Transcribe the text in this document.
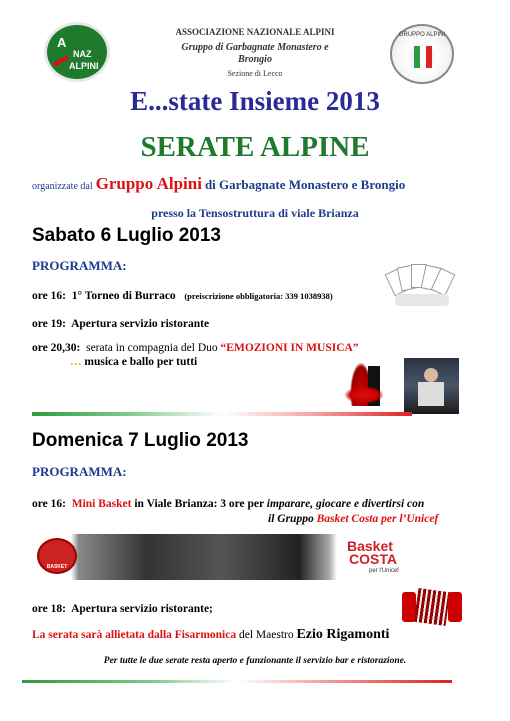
A
NAZ
ALPINI
GRUPPO ALPINI
ASSOCIAZIONE NAZIONALE ALPINI
Gruppo di Garbagnate Monastero e
Brongio
Sezione di Lecco
E...state Insieme 2013
SERATE ALPINE
organizzate dal Gruppo Alpini di Garbagnate Monastero e Brongio
presso la Tensostruttura di viale Brianza
Sabato 6 Luglio 2013
PROGRAMMA:
ore 16: 1° Torneo di Burraco (preiscrizione obbligatoria: 339 1038938)
ore 19: Apertura servizio ristorante
ore 20,30: serata in compagnia del Duo “EMOZIONI IN MUSICA”
… musica e ballo per tutti
Domenica 7 Luglio 2013
PROGRAMMA:
ore 16: Mini Basket in Viale Brianza: 3 ore per imparare, giocare e divertirsi con
il Gruppo Basket Costa per l’Unicef
BASKET
Basket
COSTA
per l'Unicef
ore 18: Apertura servizio ristorante;
La serata sarà allietata dalla Fisarmonica del Maestro Ezio Rigamonti
Per tutte le due serate resta aperto e funzionante il servizio bar e ristorazione.
